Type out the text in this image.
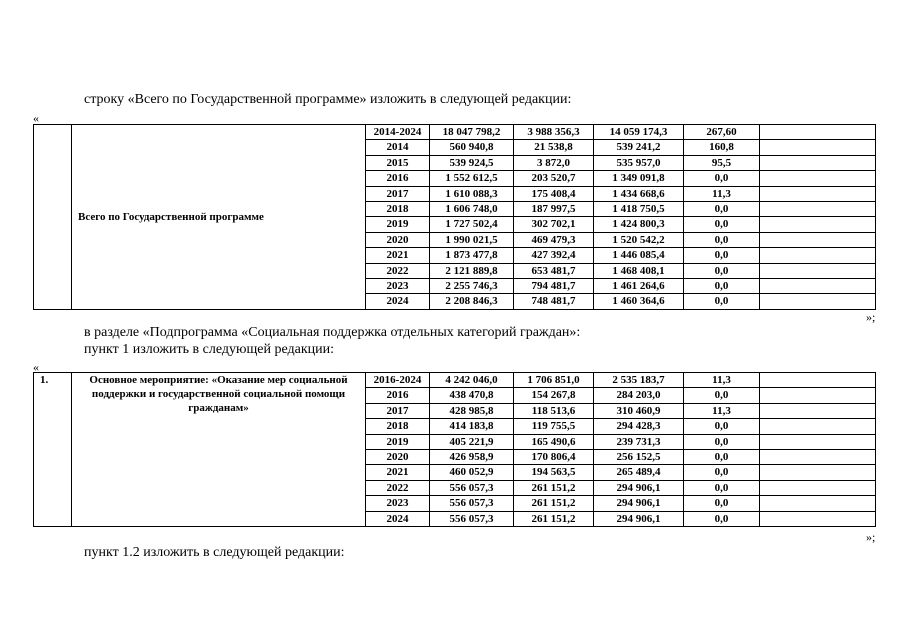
строку «Всего по Государственной программе» изложить в следующей редакции:
«
	Всего по Государственной программе	2014-2024	18 047 798,2	3 988 356,3	14 059 174,3	267,60	
		2014	560 940,8	21 538,8	539 241,2	160,8	
		2015	539 924,5	3 872,0	535 957,0	95,5	
		2016	1 552 612,5	203 520,7	1 349 091,8	0,0	
		2017	1 610 088,3	175 408,4	1 434 668,6	11,3	
		2018	1 606 748,0	187 997,5	1 418 750,5	0,0	
		2019	1 727 502,4	302 702,1	1 424 800,3	0,0	
		2020	1 990 021,5	469 479,3	1 520 542,2	0,0	
		2021	1 873 477,8	427 392,4	1 446 085,4	0,0	
		2022	2 121 889,8	653 481,7	1 468 408,1	0,0	
		2023	2 255 746,3	794 481,7	1 461 264,6	0,0	
		2024	2 208 846,3	748 481,7	1 460 364,6	0,0	
»;
в разделе «Подпрограмма «Социальная поддержка отдельных категорий граждан»:
пункт 1 изложить в следующей редакции:
«
1.	Основное мероприятие: «Оказание мер социальной поддержки и государственной социальной помощи гражданам»	2016-2024	4 242 046,0	1 706 851,0	2 535 183,7	11,3	
		2016	438 470,8	154 267,8	284 203,0	0,0	
		2017	428 985,8	118 513,6	310 460,9	11,3	
		2018	414 183,8	119 755,5	294 428,3	0,0	
		2019	405 221,9	165 490,6	239 731,3	0,0	
		2020	426 958,9	170 806,4	256 152,5	0,0	
		2021	460 052,9	194 563,5	265 489,4	0,0	
		2022	556 057,3	261 151,2	294 906,1	0,0	
		2023	556 057,3	261 151,2	294 906,1	0,0	
		2024	556 057,3	261 151,2	294 906,1	0,0	
»;
пункт 1.2 изложить в следующей редакции:
